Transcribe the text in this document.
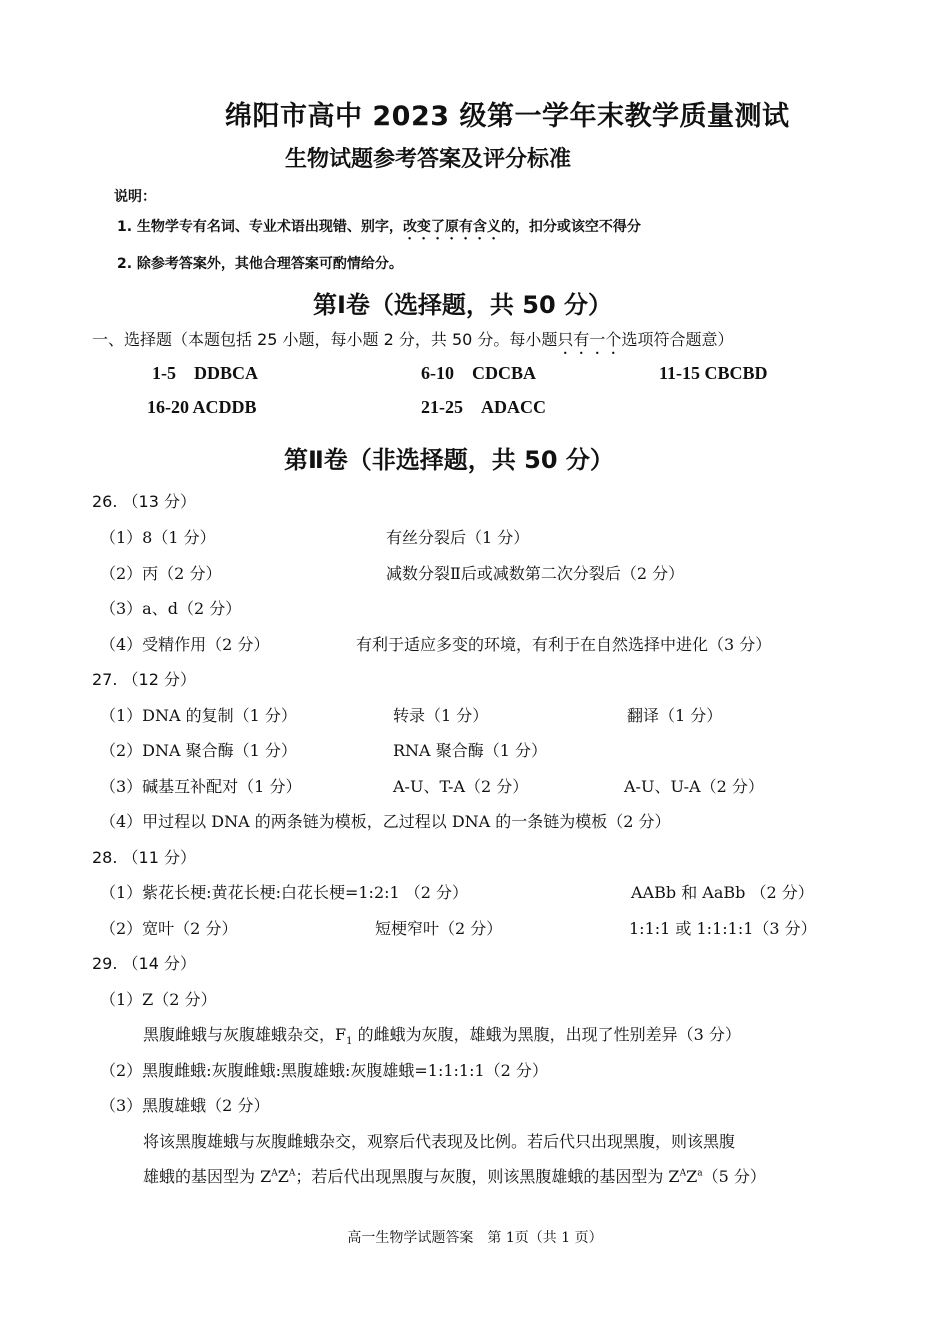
绵阳市高中 2023 级第一学年末教学质量测试
生物试题参考答案及评分标准
说明：
1. 生物学专有名词、专业术语出现错、别字，改变了原有含义的，扣分或该空不得分
2. 除参考答案外，其他合理答案可酌情给分。
第Ⅰ卷（选择题，共 50 分）
一、选择题（本题包括 25 小题，每小题 2 分，共 50 分。每小题只有一个选项符合题意）
1-5 DDBCA	6-10 CDCBA	11-15 CBCBD
16-20 ACDDB	21-25 ADACC
第Ⅱ卷（非选择题，共 50 分）
26. （13 分）
（1）8（1 分）	有丝分裂后（1 分）
（2）丙（2 分）	减数分裂Ⅱ后或减数第二次分裂后（2 分）
（3）a、d（2 分）
（4）受精作用（2 分）	有利于适应多变的环境，有利于在自然选择中进化（3 分）
27. （12 分）
（1）DNA 的复制（1 分）	转录（1 分）	翻译（1 分）
（2）DNA 聚合酶（1 分）	RNA 聚合酶（1 分）
（3）碱基互补配对（1 分）	A-U、T-A（2 分）	A-U、U-A（2 分）
（4）甲过程以 DNA 的两条链为模板，乙过程以 DNA 的一条链为模板（2 分）
28. （11 分）
（1）紫花长梗:黄花长梗:白花长梗=1:2:1 （2 分）	AABb 和 AaBb （2 分）
（2）宽叶（2 分）	短梗窄叶（2 分）	1:1:1 或 1:1:1:1（3 分）
29. （14 分）
（1）Z（2 分）
黑腹雌蛾与灰腹雄蛾杂交，$F_1$ 的雌蛾为灰腹，雄蛾为黑腹，出现了性别差异（3 分）
（2）黑腹雌蛾:灰腹雌蛾:黑腹雄蛾:灰腹雄蛾=1:1:1:1（2 分）
（3）黑腹雄蛾（2 分）
将该黑腹雄蛾与灰腹雌蛾杂交，观察后代表现及比例。若后代只出现黑腹，则该黑腹
雄蛾的基因型为 $Z^AZ^A$；若后代出现黑腹与灰腹，则该黑腹雄蛾的基因型为 $Z^AZ^a(5$ 分）
高一生物学试题答案　第 1页（共 1 页）
